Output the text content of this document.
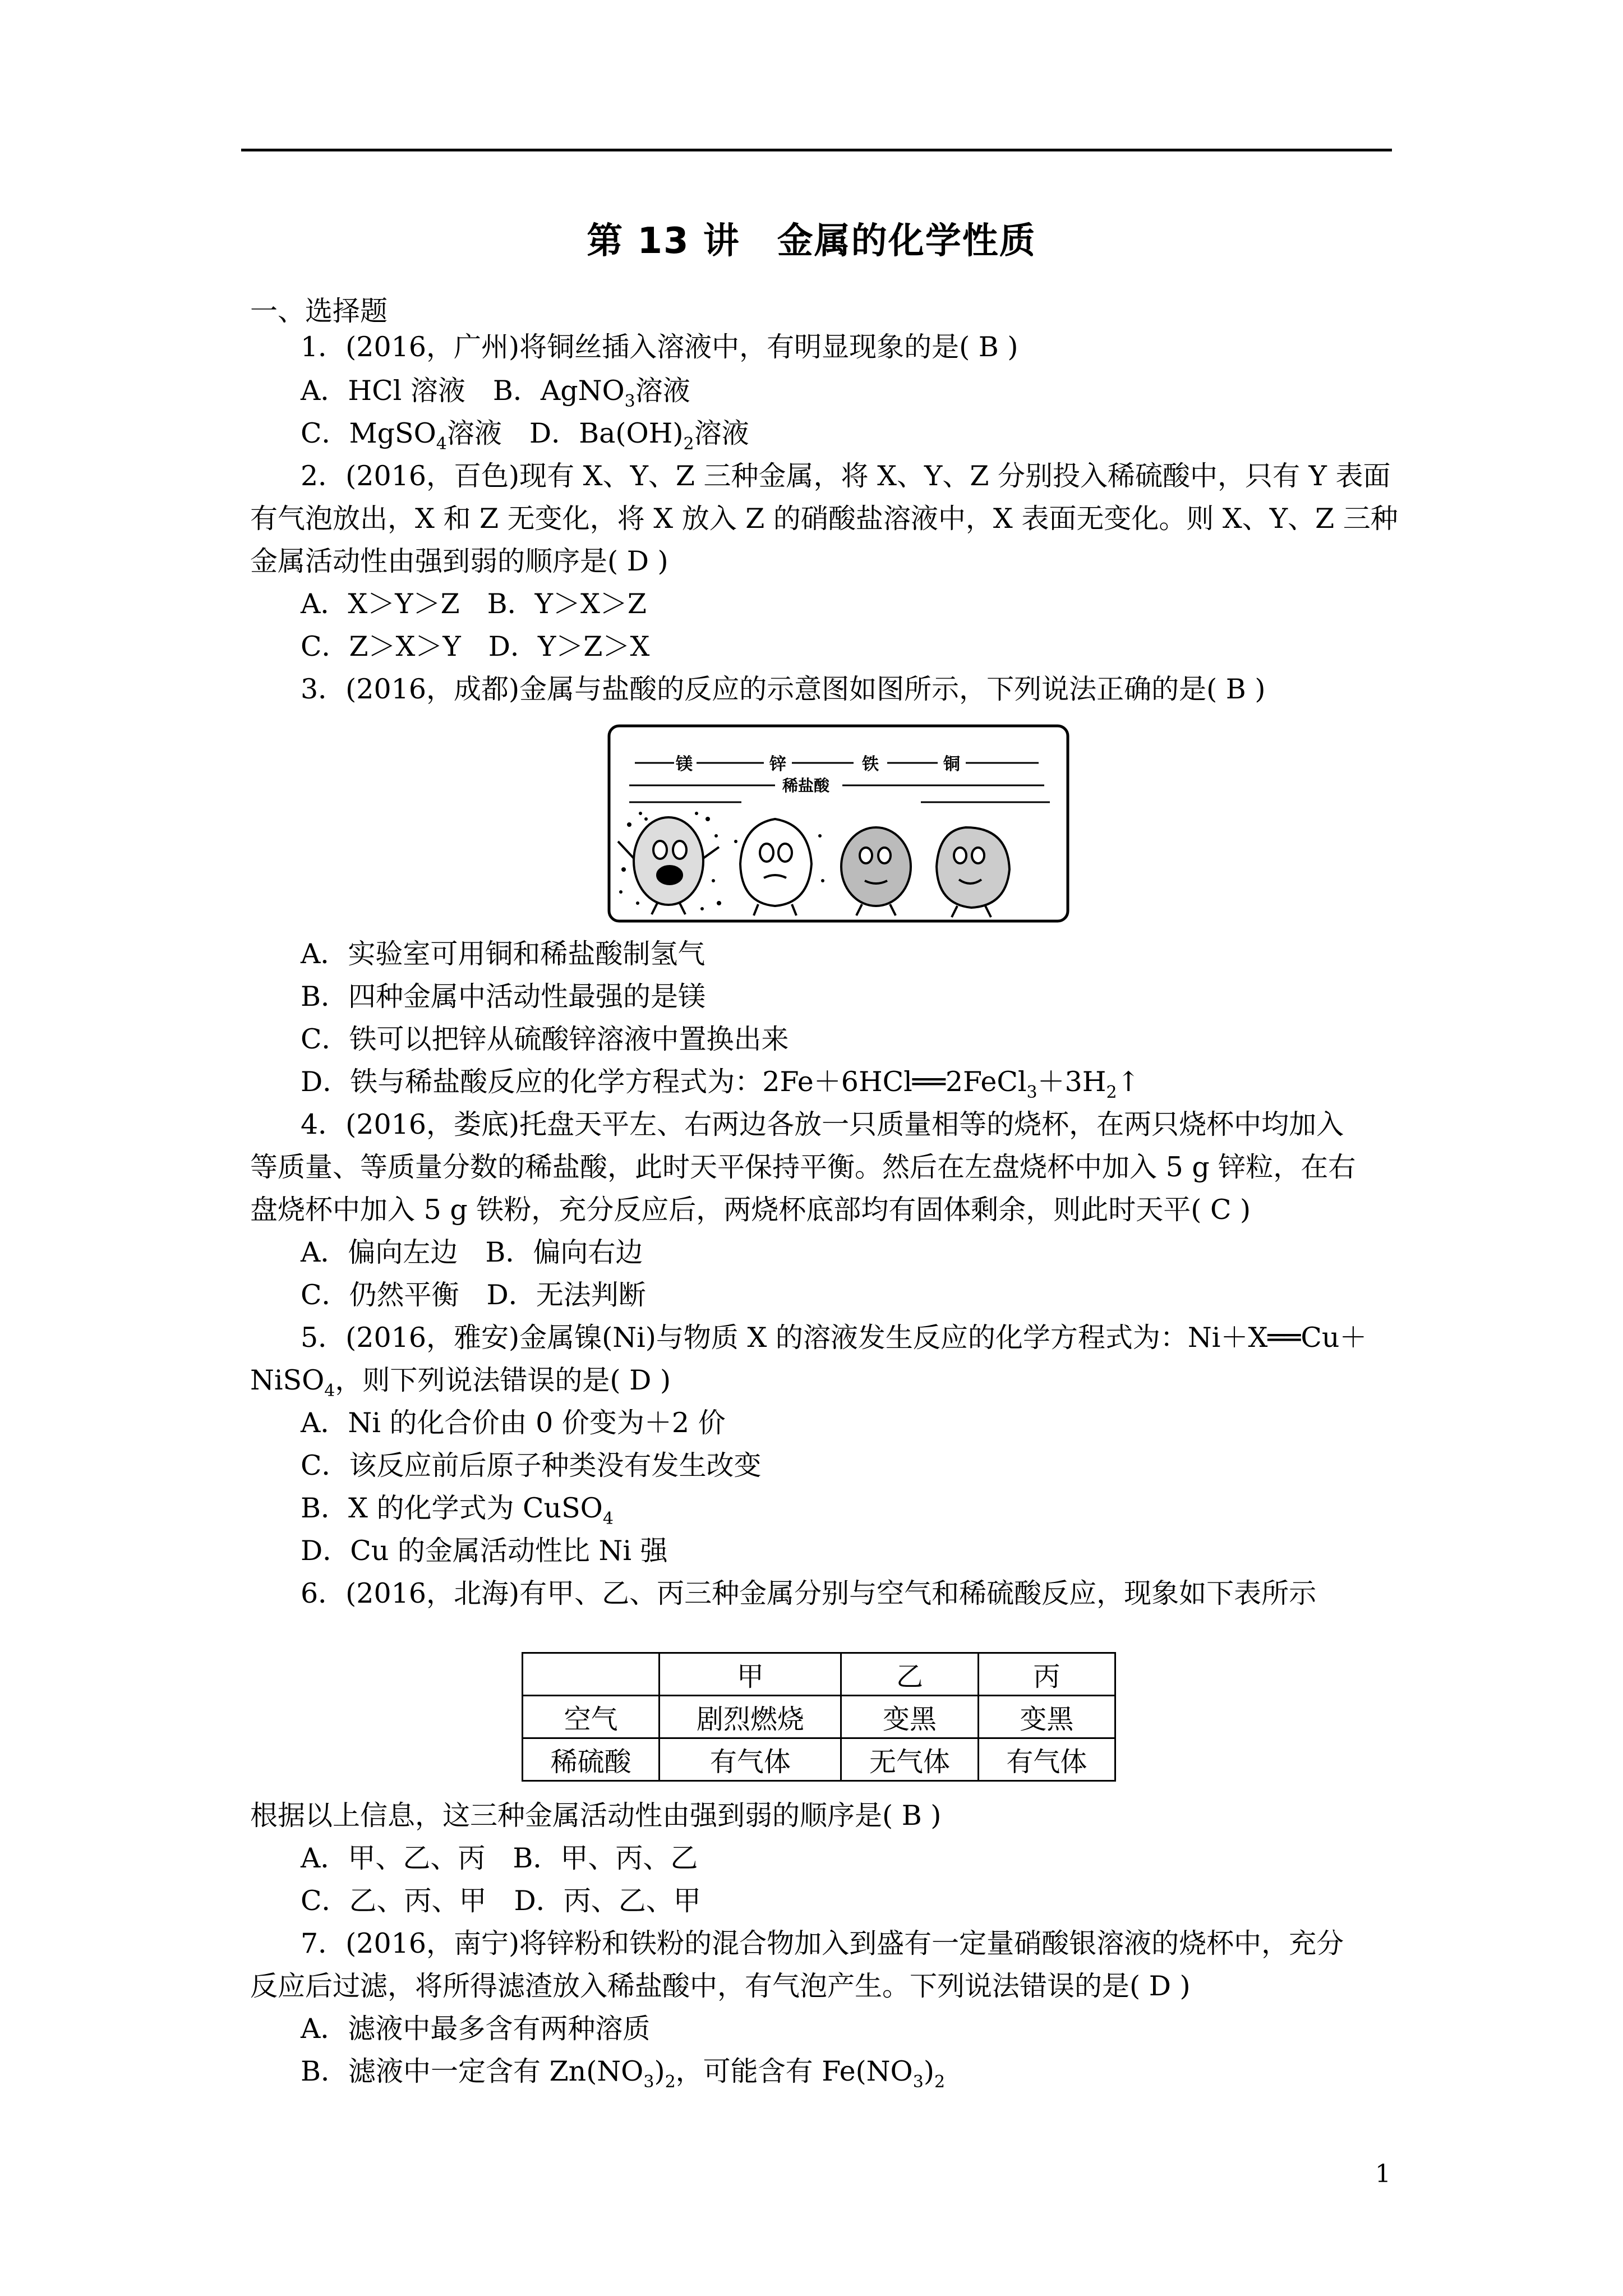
第 13 讲　金属的化学性质
一、选择题
1．(2016，广州)将铜丝插入溶液中，有明显现象的是( B )
A．HCl 溶液　B．AgNO$_3$溶液
C．MgSO$_4$溶液　D．$Ba(OH)_2$溶液
2．(2016，百色)现有 X、Y、Z 三种金属，将 X、Y、Z 分别投入稀硫酸中，只有 Y 表面
有气泡放出，X 和 Z 无变化，将 X 放入 Z 的硝酸盐溶液中，X 表面无变化。则 X、Y、Z 三种
金属活动性由强到弱的顺序是( D )
A．X＞Y＞Z　B．Y＞X＞Z
C．Z＞X＞Y　D．Y＞Z＞X
3．(2016，成都)金属与盐酸的反应的示意图如图所示，下列说法正确的是( B )
镁	锌	铁	铜
稀盐酸
A．实验室可用铜和稀盐酸制氢气
B．四种金属中活动性最强的是镁
C．铁可以把锌从硫酸锌溶液中置换出来
D．铁与稀盐酸反应的化学方程式为：$2Fe+6HCl══2FeCl_3+3H_2↑$
4．(2016，娄底)托盘天平左、右两边各放一只质量相等的烧杯，在两只烧杯中均加入
等质量、等质量分数的稀盐酸，此时天平保持平衡。然后在左盘烧杯中加入 5 g 锌粒，在右
盘烧杯中加入 5 g 铁粉，充分反应后，两烧杯底部均有固体剩余，则此时天平( C )
A．偏向左边　B．偏向右边
C．仍然平衡　D．无法判断
5．(2016，雅安)金属镍(Ni)与物质 X 的溶液发生反应的化学方程式为：Ni＋X══Cu＋
NiSO$_4$，则下列说法错误的是( D )
A．Ni 的化合价由 0 价变为＋2 价
C．该反应前后原子种类没有发生改变
B．X 的化学式为 CuSO$_4$
D．Cu 的金属活动性比 Ni 强
6．(2016，北海)有甲、乙、丙三种金属分别与空气和稀硫酸反应，现象如下表所示
	甲	乙	丙
空气	剧烈燃烧	变黑	变黑
稀硫酸	有气体	无气体	有气体
根据以上信息，这三种金属活动性由强到弱的顺序是( B )
A．甲、乙、丙　B．甲、丙、乙
C．乙、丙、甲　D．丙、乙、甲
7．(2016，南宁)将锌粉和铁粉的混合物加入到盛有一定量硝酸银溶液的烧杯中，充分
反应后过滤，将所得滤渣放入稀盐酸中，有气泡产生。下列说法错误的是( D )
A．滤液中最多含有两种溶质
B．滤液中一定含有 $Zn(NO_3)_2$，可能含有 $Fe(NO_3)_2$
1
